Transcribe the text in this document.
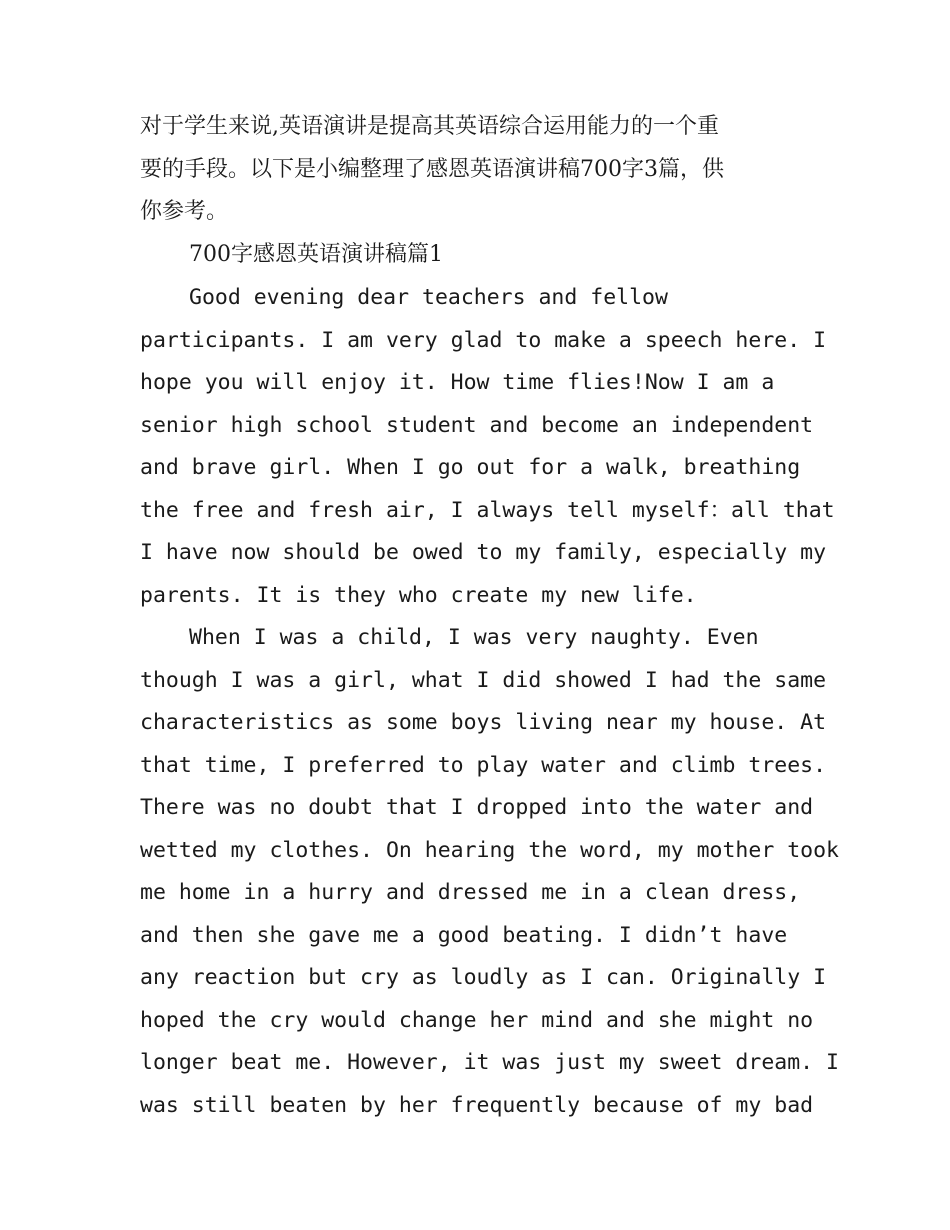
对于学生来说,英语演讲是提高其英语综合运用能力的一个重
要的手段。以下是小编整理了感恩英语演讲稿700字3篇，供
你参考。
700字感恩英语演讲稿篇1
Good evening dear teachers and fellow
participants. I am very glad to make a speech here. I
hope you will enjoy it. How time flies!Now I am a
senior high school student and become an independent
and brave girl. When I go out for a walk, breathing
the free and fresh air, I always tell myself：all that
I have now should be owed to my family, especially my
parents. It is they who create my new life.
When I was a child, I was very naughty. Even
though I was a girl, what I did showed I had the same
characteristics as some boys living near my house. At
that time, I preferred to play water and climb trees.
There was no doubt that I dropped into the water and
wetted my clothes. On hearing the word, my mother took
me home in a hurry and dressed me in a clean dress,
and then she gave me a good beating. I didn’t have
any reaction but cry as loudly as I can. Originally I
hoped the cry would change her mind and she might no
longer beat me. However, it was just my sweet dream. I
was still beaten by her frequently because of my bad
